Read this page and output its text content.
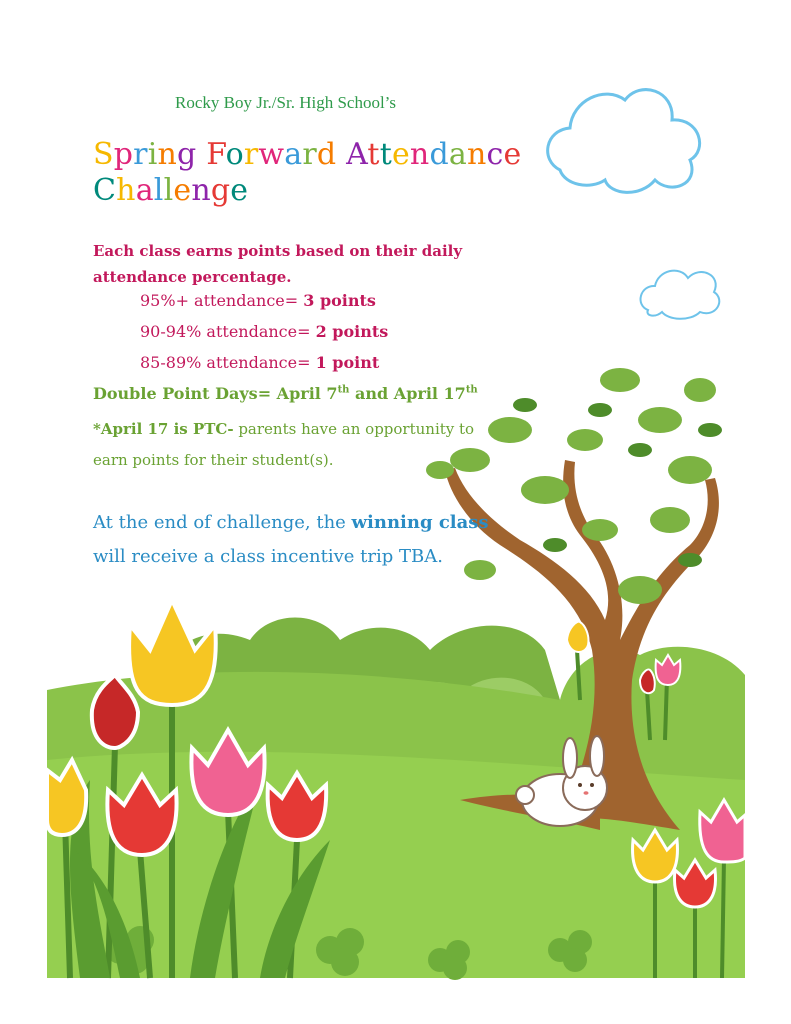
Rocky Boy Jr./Sr. High School’s
Spring Forward Attendance
Challenge
Each class earns points based on their daily attendance percentage.
95%+ attendance= 3 points
90-94% attendance= 2 points
85-89% attendance= 1 point
Double Point Days= April 7th and April 17th
*April 17 is PTC- parents have an opportunity to earn points for their student(s).
At the end of challenge, the winning class will receive a class incentive trip TBA.
